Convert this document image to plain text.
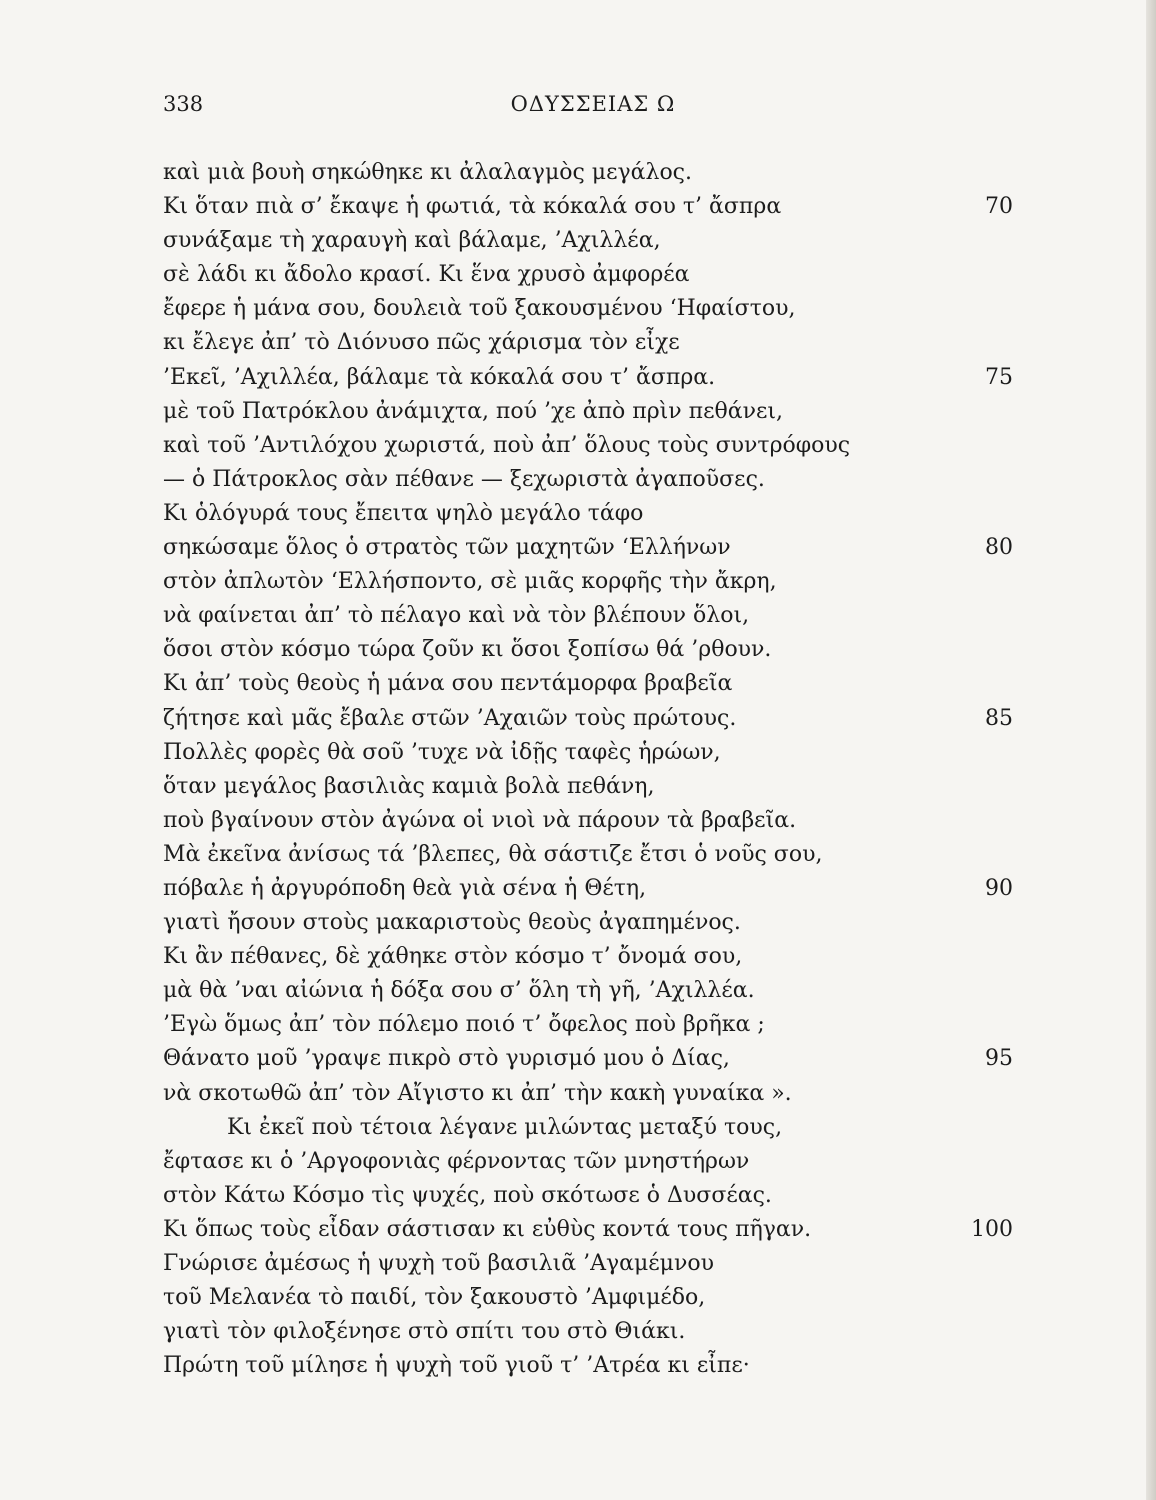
338	ΟΔΥΣΣΕΙΑΣ Ω
καὶ μιὰ βουὴ σηκώθηκε κι ἀλαλαγμὸς μεγάλος.
Κι ὅταν πιὰ σ’ ἔκαψε ἡ φωτιά, τὰ κόκαλά σου τ’ ἄσπρα	70
συνάξαμε τὴ χαραυγὴ καὶ βάλαμε, ’Αχιλλέα,
σὲ λάδι κι ἄδολο κρασί. Κι ἕνα χρυσὸ ἀμφορέα
ἔφερε ἡ μάνα σου, δουλειὰ τοῦ ξακουσμένου ‘Ηφαίστου,
κι ἔλεγε ἀπ’ τὸ Διόνυσο πῶς χάρισμα τὸν εἶχε
’Εκεῖ, ’Αχιλλέα, βάλαμε τὰ κόκαλά σου τ’ ἄσπρα.	75
μὲ τοῦ Πατρόκλου ἀνάμιχτα, πού ’χε ἀπὸ πρὶν πεθάνει,
καὶ τοῦ ’Αντιλόχου χωριστά, ποὺ ἀπ’ ὅλους τοὺς συντρόφους
— ὁ Πάτροκλος σὰν πέθανε — ξεχωριστὰ ἀγαποῦσες.
Κι ὁλόγυρά τους ἔπειτα ψηλὸ μεγάλο τάφο
σηκώσαμε ὅλος ὁ στρατὸς τῶν μαχητῶν ‘Ελλήνων	80
στὸν ἀπλωτὸν ‘Ελλήσποντο, σὲ μιᾶς κορφῆς τὴν ἄκρη,
νὰ φαίνεται ἀπ’ τὸ πέλαγο καὶ νὰ τὸν βλέπουν ὅλοι,
ὅσοι στὸν κόσμο τώρα ζοῦν κι ὅσοι ξοπίσω θά ’ρθουν.
Κι ἀπ’ τοὺς θεοὺς ἡ μάνα σου πεντάμορφα βραβεῖα
ζήτησε καὶ μᾶς ἔβαλε στῶν ’Αχαιῶν τοὺς πρώτους.	85
Πολλὲς φορὲς θὰ σοῦ ’τυχε νὰ ἰδῇς ταφὲς ἡρώων,
ὅταν μεγάλος βασιλιὰς καμιὰ βολὰ πεθάνη,
ποὺ βγαίνουν στὸν ἀγώνα οἱ νιοὶ νὰ πάρουν τὰ βραβεῖα.
Μὰ ἐκεῖνα ἀνίσως τά ’βλεπες, θὰ σάστιζε ἔτσι ὁ νοῦς σου,
πόβαλε ἡ ἀργυρόποδη θεὰ γιὰ σένα ἡ Θέτη,	90
γιατὶ ἤσουν στοὺς μακαριστοὺς θεοὺς ἀγαπημένος.
Κι ἂν πέθανες, δὲ χάθηκε στὸν κόσμο τ’ ὄνομά σου,
μὰ θὰ ’ναι αἰώνια ἡ δόξα σου σ’ ὅλη τὴ γῆ, ’Αχιλλέα.
’Εγὼ ὅμως ἀπ’ τὸν πόλεμο ποιό τ’ ὄφελος ποὺ βρῆκα ;
Θάνατο μοῦ ’γραψε πικρὸ στὸ γυρισμό μου ὁ Δίας,	95
νὰ σκοτωθῶ ἀπ’ τὸν Αἴγιστο κι ἀπ’ τὴν κακὴ γυναίκα ».
Κι ἐκεῖ ποὺ τέτοια λέγανε μιλώντας μεταξύ τους,
ἔφτασε κι ὁ ’Αργοφονιὰς φέρνοντας τῶν μνηστήρων
στὸν Κάτω Κόσμο τὶς ψυχές, ποὺ σκότωσε ὁ Δυσσέας.
Κι ὅπως τοὺς εἶδαν σάστισαν κι εὐθὺς κοντά τους πῆγαν.	100
Γνώρισε ἀμέσως ἡ ψυχὴ τοῦ βασιλιᾶ ’Αγαμέμνου
τοῦ Μελανέα τὸ παιδί, τὸν ξακουστὸ ’Αμφιμέδο,
γιατὶ τὸν φιλοξένησε στὸ σπίτι του στὸ Θιάκι.
Πρώτη τοῦ μίλησε ἡ ψυχὴ τοῦ γιοῦ τ’ ’Ατρέα κι εἶπε·
